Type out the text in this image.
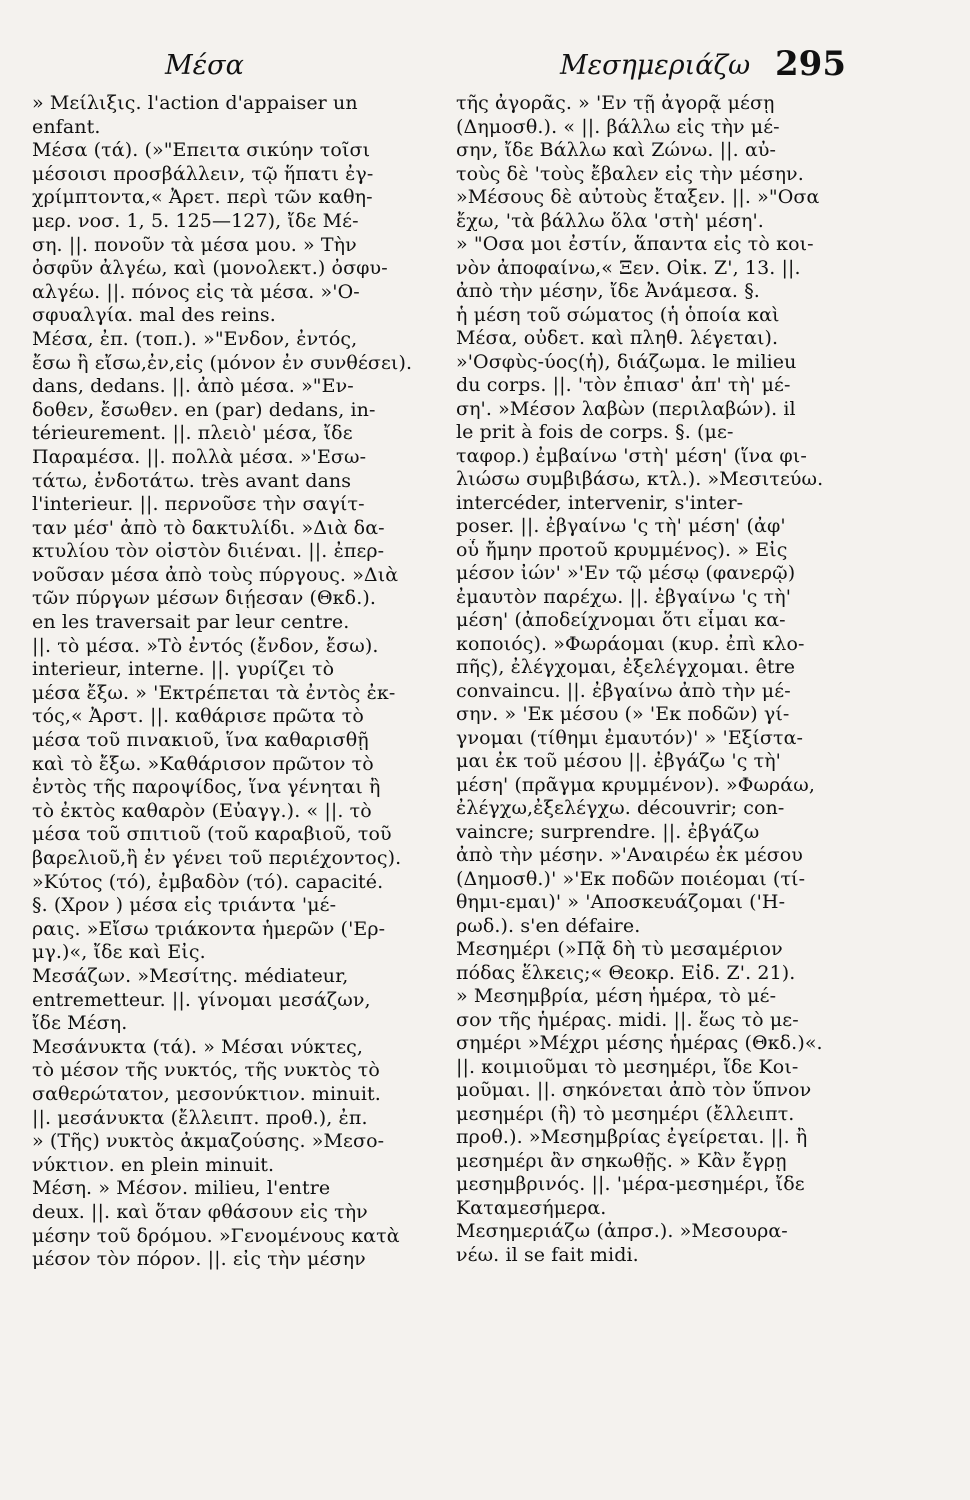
Μέσα	Μεσημεριάζω 295
» Μείλιξις. l'action d'appaiser un
enfant.
Μέσα (τά). (»"Επειτα σικύην τοῖσι
μέσοισι προσβάλλειν, τῷ ἥπατι ἐγ-
χρίμπτοντα,« Ἀρετ. περὶ τῶν καθη-
μερ. νοσ. 1, 5. 125—127), ἴδε Μέ-
ση. ||. πονοῦν τὰ μέσα μου. » Τὴν
ὀσφῦν ἀλγέω, καὶ (μονολεκτ.) ὀσφυ-
αλγέω. ||. πόνος εἰς τὰ μέσα. »'Ο-
σφυαλγία. mal des reins.
Μέσα, ἐπ. (τοπ.). »"Ενδον, ἐντός,
ἔσω ἢ εἴσω,ἐν,εἰς (μόνον ἐν συνθέσει).
dans, dedans. ||. ἀπὸ μέσα. »"Εν-
δοθεν, ἔσωθεν. en (par) dedans, in-
térieurement. ||. πλειὸ' μέσα, ἴδε
Παραμέσα. ||. πολλὰ μέσα. »'Εσω-
τάτω, ἐνδοτάτω. très avant dans
l'interieur. ||. περνοῦσε τὴν σαγίτ-
ταν μέσ' ἀπὸ τὸ δακτυλίδι. »Διὰ δα-
κτυλίου τὸν οἰστὸν διιέναι. ||. ἐπερ-
νοῦσαν μέσα ἀπὸ τοὺς πύργους. »Διὰ
τῶν πύργων μέσων διῄεσαν (Θκδ.).
en les traversait par leur centre.
||. τὸ μέσα. »Τὸ ἐντός (ἔνδον, ἔσω).
interieur, interne. ||. γυρίζει τὸ
μέσα ἔξω. » 'Εκτρέπεται τὰ ἐντὸς ἐκ-
τός,« Ἀρστ. ||. καθάρισε πρῶτα τὸ
μέσα τοῦ πινακιοῦ, ἵνα καθαρισθῇ
καὶ τὸ ἔξω. »Καθάρισον πρῶτον τὸ
ἐντὸς τῆς παροψίδος, ἵνα γένηται ἢ
τὸ ἐκτὸς καθαρὸν (Εὐαγγ.). « ||. τὸ
μέσα τοῦ σπιτιοῦ (τοῦ καραβιοῦ, τοῦ
βαρελιοῦ,ἢ ἐν γένει τοῦ περιέχοντος).
»Κύτος (τό), ἐμβαδὸν (τό). capacité.
§. (Χρον ) μέσα εἰς τριάντα 'μέ-
ραις. »Εἴσω τριάκοντα ἡμερῶν ('Ερ-
μγ.)«, ἴδε καὶ Εἰς.
Μεσάζων. »Μεσίτης. médiateur,
entremetteur. ||. γίνομαι μεσάζων,
ἴδε Μέση.
Μεσάνυκτα (τά). » Μέσαι νύκτες,
τὸ μέσον τῆς νυκτός, τῆς νυκτὸς τὸ
σαθερώτατον, μεσονύκτιον. minuit.
||. μεσάνυκτα (ἔλλειπτ. προθ.), ἐπ.
» (Τῆς) νυκτὸς ἀκμαζούσης. »Μεσο-
νύκτιον. en plein minuit.
Μέση. » Μέσον. milieu, l'entre
deux. ||. καὶ ὅταν φθάσουν εἰς τὴν
μέσην τοῦ δρόμου. »Γενομένους κατὰ
μέσον τὸν πόρον. ||. εἰς τὴν μέσην
τῆς ἀγορᾶς. » 'Εν τῇ ἀγορᾷ μέσῃ
(Δημοσθ.). « ||. βάλλω εἰς τὴν μέ-
σην, ἴδε Βάλλω καὶ Ζώνω. ||. αὐ-
τοὺς δὲ 'τοὺς ἔβαλεν εἰς τὴν μέσην.
»Μέσους δὲ αὐτοὺς ἔταξεν. ||. »"Οσα
ἔχω, 'τὰ βάλλω ὅλα 'στὴ' μέση'.
» "Οσα μοι ἐστίν, ἅπαντα εἰς τὸ κοι-
νὸν ἀποφαίνω,« Ξεν. Οἰκ. Ζ', 13. ||.
ἀπὸ τὴν μέσην, ἴδε Ἀνάμεσα. §.
ἡ μέση τοῦ σώματος (ἡ ὁποία καὶ
Μέσα, οὐδετ. καὶ πληθ. λέγεται).
»'Οσφὺς-ύος(ἡ), διάζωμα. le milieu
du corps. ||. 'τὸν ἐπιασ' ἀπ' τὴ' μέ-
ση'. »Μέσον λαβὼν (περιλαβών). il
le prit à fois de corps. §. (με-
ταφορ.) ἐμβαίνω 'στὴ' μέση' (ἵνα φι-
λιώσω συμβιβάσω, κτλ.). »Μεσιτεύω.
intercéder, intervenir, s'inter-
poser. ||. ἐβγαίνω 'ς τὴ' μέση' (ἀφ'
οὗ ἤμην προτοῦ κρυμμένος). » Εἰς
μέσον ἰών' »'Εν τῷ μέσῳ (φανερῷ)
ἐμαυτὸν παρέχω. ||. ἐβγαίνω 'ς τὴ'
μέση' (ἀποδείχνομαι ὅτι εἶμαι κα-
κοποιός). »Φωράομαι (κυρ. ἐπὶ κλο-
πῆς), ἐλέγχομαι, ἐξελέγχομαι. être
convaincu. ||. ἐβγαίνω ἀπὸ τὴν μέ-
σην. » 'Εκ μέσου (» 'Εκ ποδῶν) γί-
γνομαι (τίθημι ἐμαυτόν)' » 'Εξίστα-
μαι ἐκ τοῦ μέσου ||. ἐβγάζω 'ς τὴ'
μέση' (πρᾶγμα κρυμμένον). »Φωράω,
ἐλέγχω,ἐξελέγχω. découvrir; con-
vaincre; surprendre. ||. ἐβγάζω
ἀπὸ τὴν μέσην. »'Αναιρέω ἐκ μέσου
(Δημοσθ.)' »'Εκ ποδῶν ποιέομαι (τί-
θημι-εμαι)' » 'Αποσκευάζομαι ('Η-
ρωδ.). s'en défaire.
Μεσημέρι (»Πᾷ δὴ τὺ μεσαμέριον
πόδας ἕλκεις;« Θεοκρ. Εἰδ. Ζ'. 21).
» Μεσημβρία, μέση ἡμέρα, τὸ μέ-
σον τῆς ἡμέρας. midi. ||. ἕως τὸ με-
σημέρι »Μέχρι μέσης ἡμέρας (Θκδ.)«.
||. κοιμιοῦμαι τὸ μεσημέρι, ἴδε Κοι-
μοῦμαι. ||. σηκόνεται ἀπὸ τὸν ὕπνον
μεσημέρι (ἢ) τὸ μεσημέρι (ἔλλειπτ.
προθ.). »Μεσημβρίας ἐγείρεται. ||. ἢ
μεσημέρι ἂν σηκωθῇς. » Κἂν ἔγρῃ
μεσημβρινός. ||. 'μέρα-μεσημέρι, ἴδε
Καταμεσήμερα.
Μεσημεριάζω (ἀπρσ.). »Μεσουρα-
νέω. il se fait midi.
